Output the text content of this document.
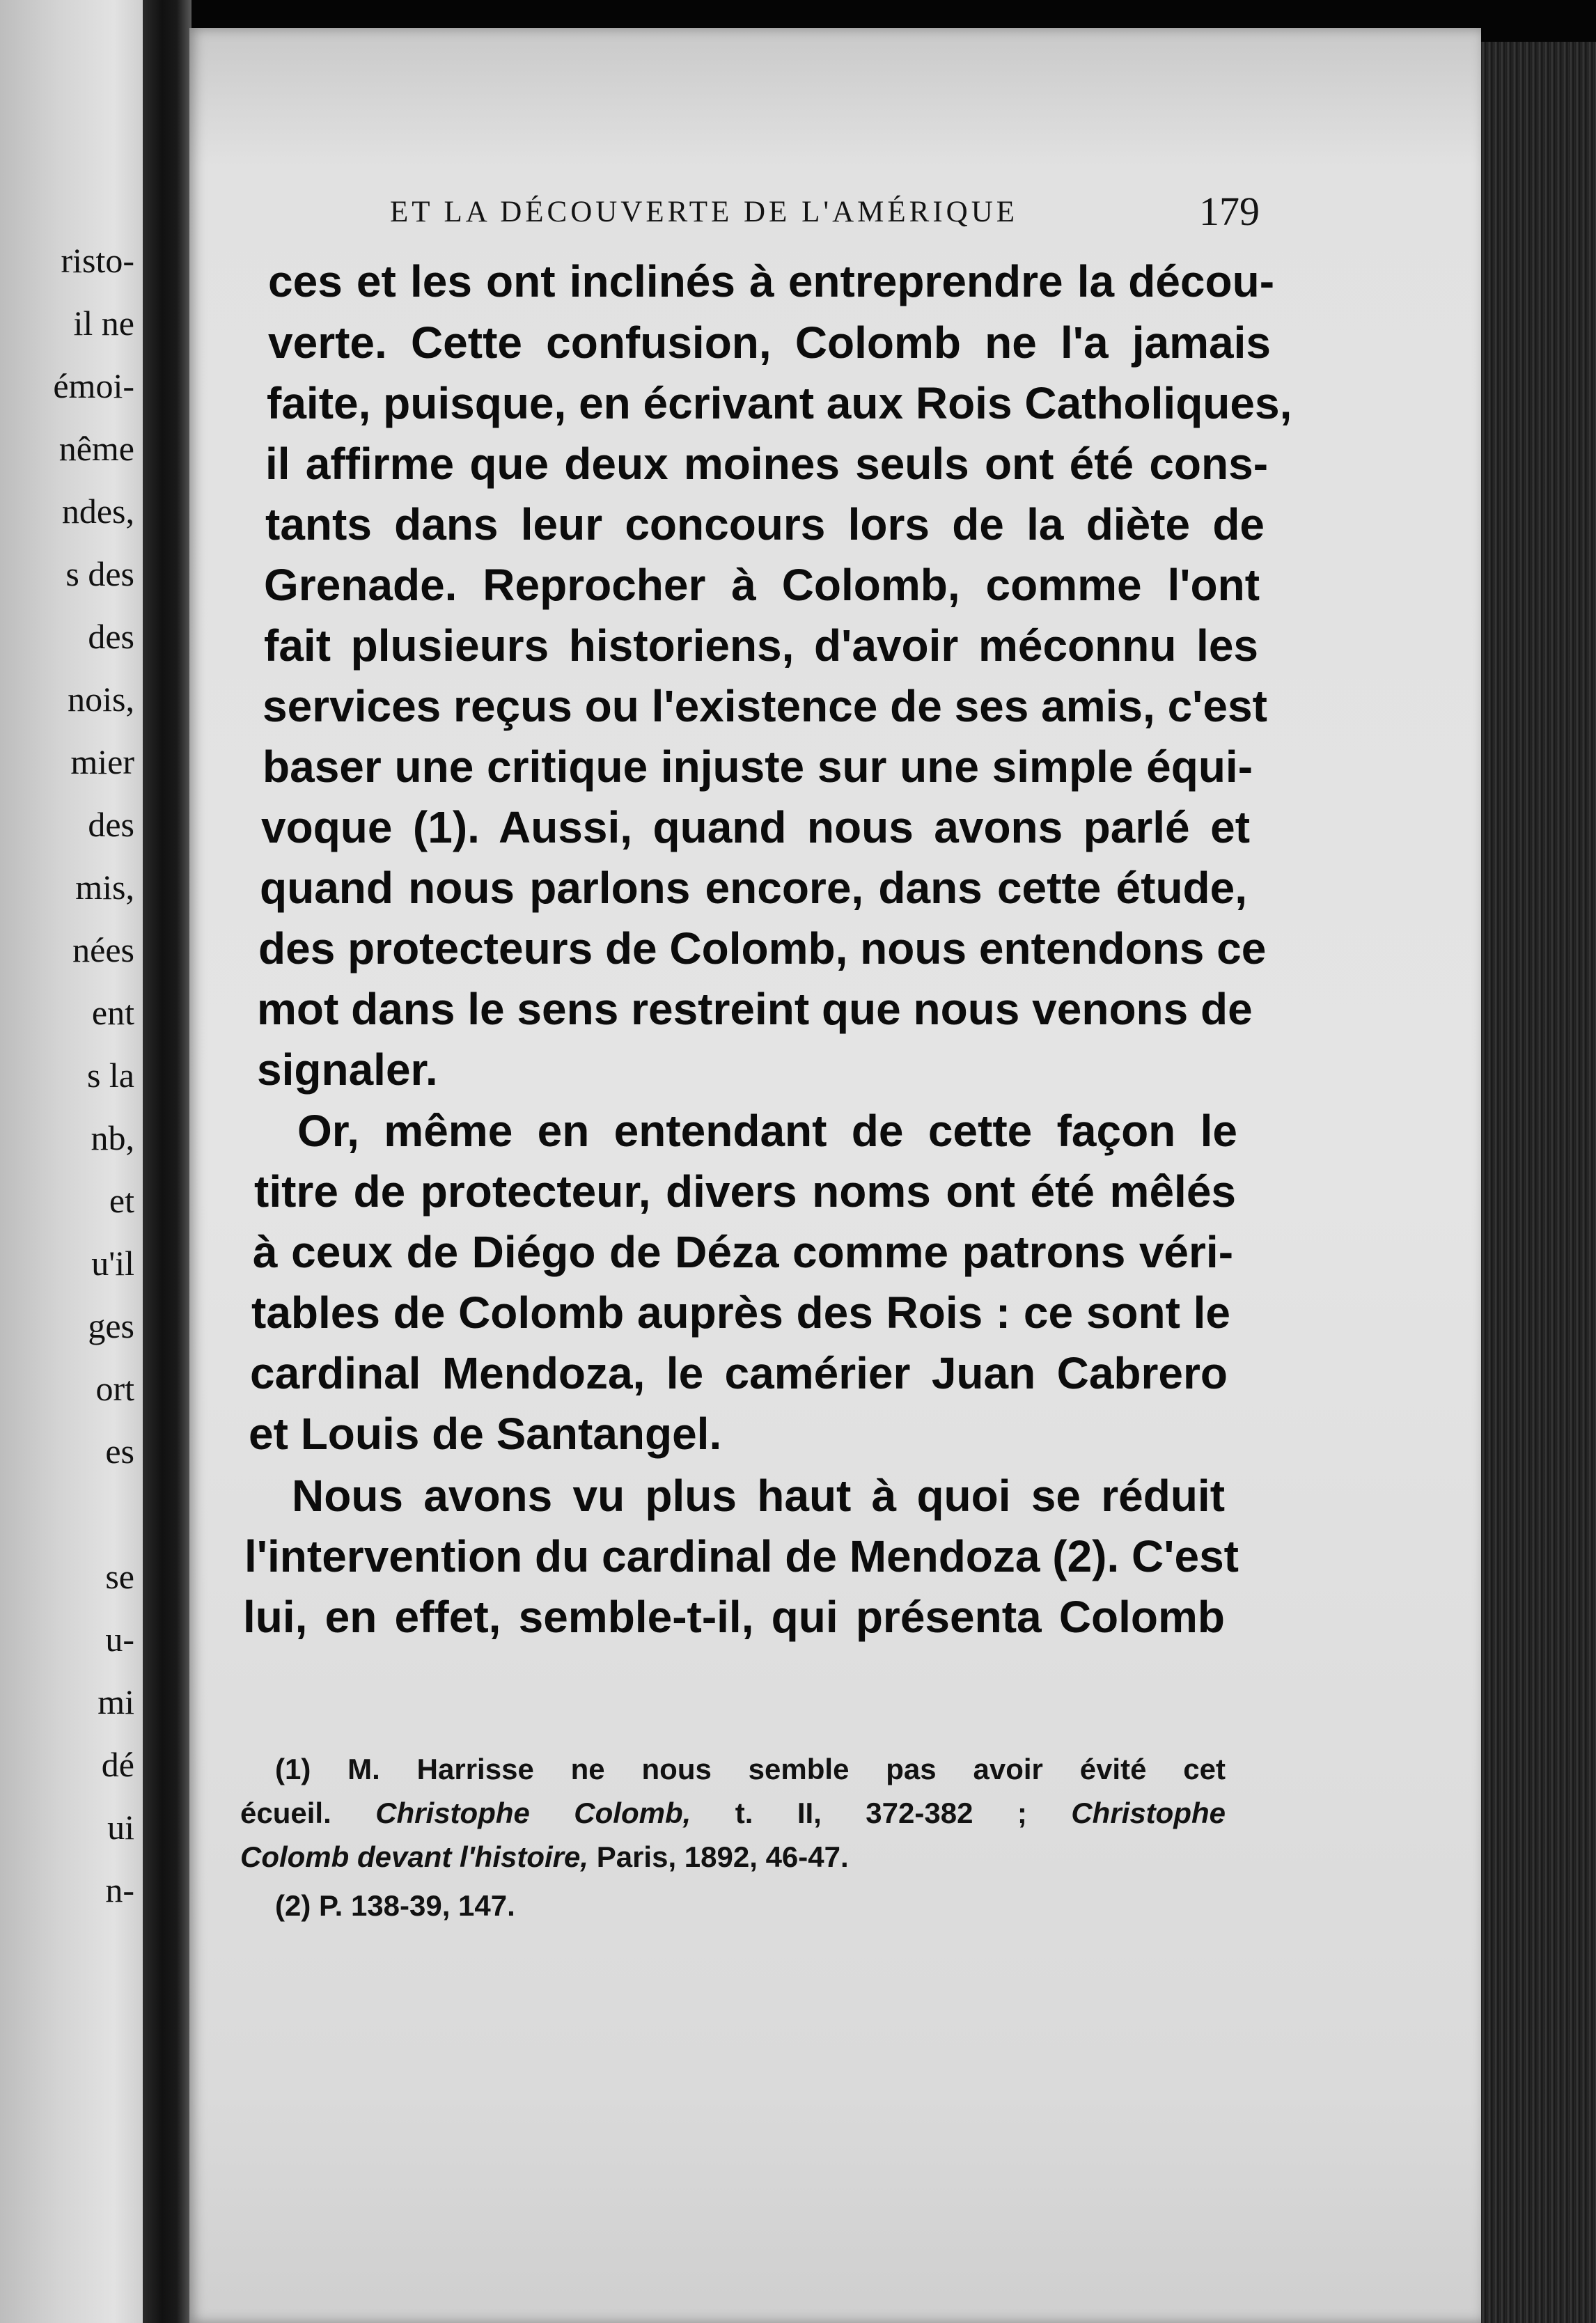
risto-
il ne
émoi-
nême
ndes,
s des
des
nois,
mier
des
mis,
nées
ent
s la
nb,
et
u'il
ges
ort
es
se
u-
mi
dé
ui
n-
ET LA DÉCOUVERTE DE L'AMÉRIQUE	179
ces et les ont inclinés à entreprendre la décou-
verte. Cette confusion, Colomb ne l'a jamais
faite, puisque, en écrivant aux Rois Catholiques,
il affirme que deux moines seuls ont été cons-
tants dans leur concours lors de la diète de
Grenade. Reprocher à Colomb, comme l'ont
fait plusieurs historiens, d'avoir méconnu les
services reçus ou l'existence de ses amis, c'est
baser une critique injuste sur une simple équi-
voque (1). Aussi, quand nous avons parlé et
quand nous parlons encore, dans cette étude,
des protecteurs de Colomb, nous entendons ce
mot dans le sens restreint que nous venons de
signaler.
Or, même en entendant de cette façon le
titre de protecteur, divers noms ont été mêlés
à ceux de Diégo de Déza comme patrons véri-
tables de Colomb auprès des Rois : ce sont le
cardinal Mendoza, le camérier Juan Cabrero
et Louis de Santangel.
Nous avons vu plus haut à quoi se réduit
l'intervention du cardinal de Mendoza (2). C'est
lui, en effet, semble-t-il, qui présenta Colomb
(1) M. Harrisse ne nous semble pas avoir évité cet
écueil. Christophe Colomb, t. II, 372-382 ; Christophe
Colomb devant l'histoire, Paris, 1892, 46-47.
(2) P. 138-39, 147.
